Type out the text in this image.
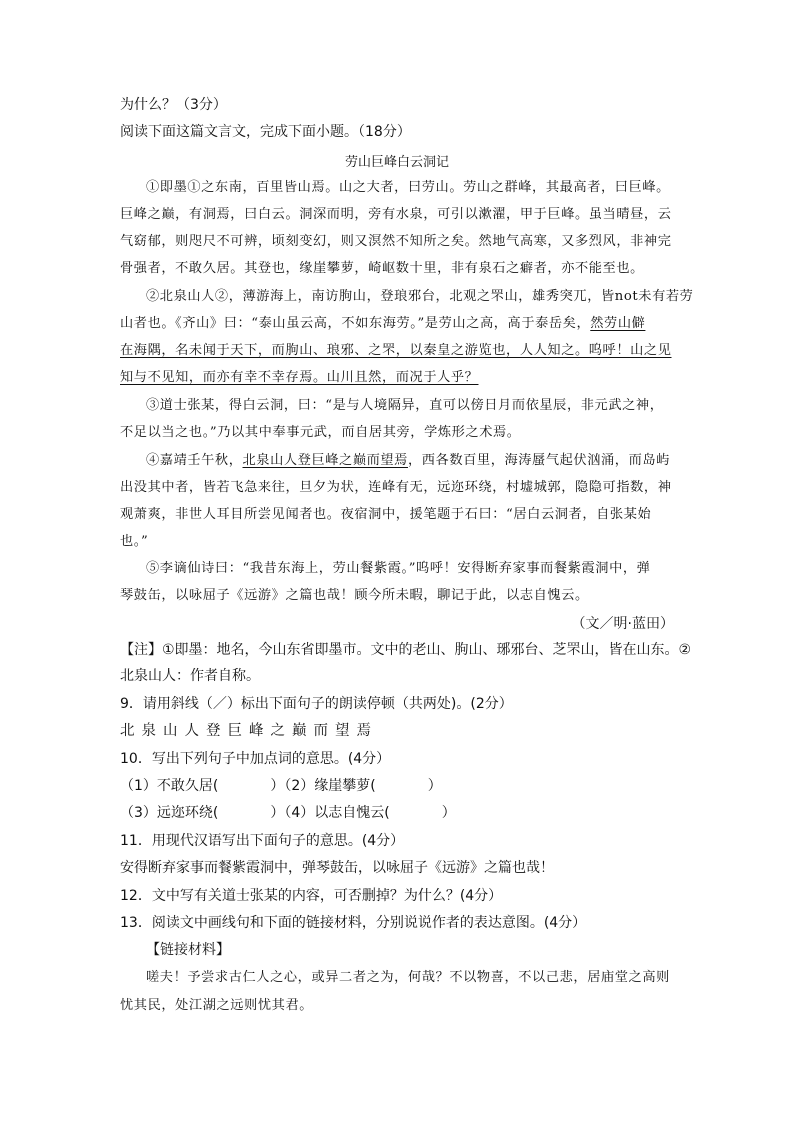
为什么？（3分）
阅读下面这篇文言文，完成下面小题。（18分）
劳山巨峰白云洞记
①即墨①之东南，百里皆山焉。山之大者，曰劳山。劳山之群峰，其最高者，曰巨峰。
巨峰之巅，有洞焉，曰白云。洞深而明，旁有水泉，可引以漱濯，甲于巨峰。虽当晴昼，云
气窈郁，则咫尺不可辨，顷刻变幻，则又溟然不知所之矣。然地气高寒，又多烈风，非神完
骨强者，不敢久居。其登也，缘崖攀萝，崎岖数十里，非有泉石之癖者，亦不能至也。
②北泉山人②，薄游海上，南访朐山，登琅邪台，北观之罘山，雄秀突兀，皆not未有若劳
山者也。《齐山》曰：“泰山虽云高，不如东海劳。”是劳山之高，高于泰岳矣，然劳山僻
在海隅，名未闻于天下，而朐山、琅邪、之罘，以秦皇之游览也，人人知之。呜呼！山之见
知与不见知，而亦有幸不幸存焉。山川且然，而况于人乎？
③道士张某，得白云洞，曰：“是与人境隔异，直可以傍日月而依星辰，非元武之神，
不足以当之也。”乃以其中奉事元武，而自居其旁，学炼形之术焉。
④嘉靖壬午秋，北泉山人登巨峰之巅而望焉，西各数百里，海涛蜃气起伏汹涌，而岛屿
出没其中者，皆若飞急来往，旦夕为状，连峰有无，远迩环绕，村墟城郭，隐隐可指数，神
观萧爽，非世人耳目所尝见闻者也。夜宿洞中，援笔题于石曰：“居白云洞者，自张某始
也。”
⑤李谪仙诗曰：“我昔东海上，劳山餐紫霞。”呜呼！安得断弃家事而餐紫霞洞中，弹
琴鼓缶，以咏屈子《远游》之篇也哉！顾今所未暇，聊记于此，以志自愧云。
（文／明·蓝田）
【注】①即墨：地名，今山东省即墨市。文中的老山、朐山、琊邪台、芝罘山，皆在山东。②
北泉山人：作者自称。
9．请用斜线（／）标出下面句子的朗读停顿（共两处)。(2分）
北泉山人登巨峰之巅而望焉
10．写出下列句子中加点词的意思。(4分）
（1）不敢久居(	）（2）缘崖攀萝(	）
（3）远迩环绕(	）（4）以志自愧云(	）
11．用现代汉语写出下面句子的意思。(4分）
安得断弃家事而餐紫霞洞中，弹琴鼓缶，以咏屈子《远游》之篇也哉！
12．文中写有关道士张某的内容，可否删掉？为什么？(4分）
13．阅读文中画线句和下面的链接材料，分别说说作者的表达意图。(4分）
【链接材料】
嗟夫！予尝求古仁人之心，或异二者之为，何哉？不以物喜，不以己悲，居庙堂之高则
忧其民，处江湖之远则忧其君。
